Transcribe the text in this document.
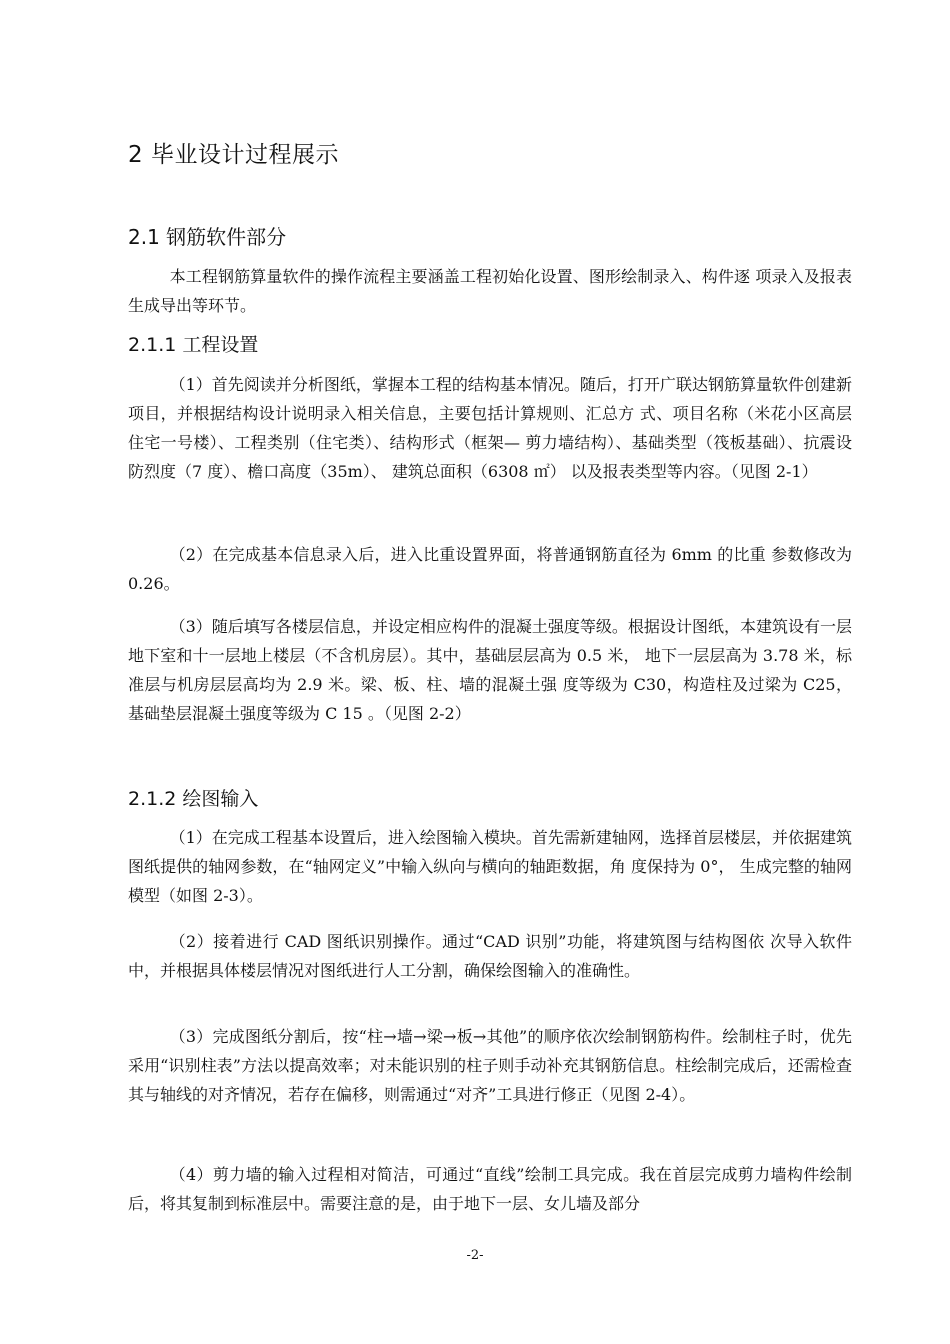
2 毕业设计过程展示
2.1 钢筋软件部分
本工程钢筋算量软件的操作流程主要涵盖工程初始化设置、图形绘制录入、构件逐 项录入及报表生成导出等环节。
2.1.1 工程设置
（1）首先阅读并分析图纸，掌握本工程的结构基本情况。随后，打开广联达钢筋算量软件创建新项目，并根据结构设计说明录入相关信息，主要包括计算规则、汇总方 式、项目名称（米花小区高层住宅一号楼）、工程类别（住宅类）、结构形式（框架— 剪力墙结构）、基础类型（筏板基础）、抗震设防烈度（7 度）、檐口高度（35m）、 建筑总面积（6308 ㎡） 以及报表类型等内容。（见图 2-1）
（2）在完成基本信息录入后，进入比重设置界面，将普通钢筋直径为 6mm 的比重 参数修改为 0.26。
（3）随后填写各楼层信息，并设定相应构件的混凝土强度等级。根据设计图纸，本建筑设有一层地下室和十一层地上楼层（不含机房层）。其中，基础层层高为 0.5 米， 地下一层层高为 3.78 米，标准层与机房层层高均为 2.9 米。梁、板、柱、墙的混凝土强 度等级为 C30，构造柱及过梁为 C25，基础垫层混凝土强度等级为 C 15 。（见图 2-2）
2.1.2 绘图输入
（1）在完成工程基本设置后，进入绘图输入模块。首先需新建轴网，选择首层楼层，并依据建筑图纸提供的轴网参数，在“轴网定义”中输入纵向与横向的轴距数据，角 度保持为 0°， 生成完整的轴网模型（如图 2-3）。
（2）接着进行 CAD 图纸识别操作。通过“CAD 识别”功能，将建筑图与结构图依 次导入软件中，并根据具体楼层情况对图纸进行人工分割，确保绘图输入的准确性。
（3）完成图纸分割后，按“柱→墙→梁→板→其他”的顺序依次绘制钢筋构件。绘制柱子时，优先采用“识别柱表”方法以提高效率；对未能识别的柱子则手动补充其钢筋信息。柱绘制完成后，还需检查其与轴线的对齐情况，若存在偏移，则需通过“对齐”工具进行修正（见图 2-4）。
（4）剪力墙的输入过程相对简洁，可通过“直线”绘制工具完成。我在首层完成剪力墙构件绘制后，将其复制到标准层中。需要注意的是，由于地下一层、女儿墙及部分
-2-
